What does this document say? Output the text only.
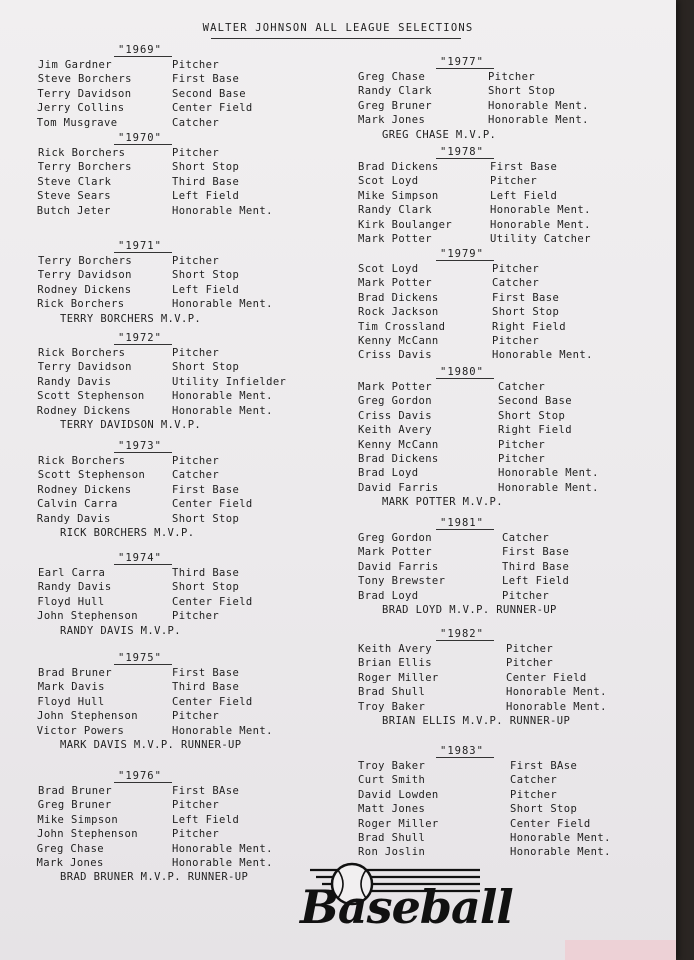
WALTER JOHNSON ALL LEAGUE SELECTIONS
"1969"
Jim Gardner	Pitcher
Steve Borchers	First Base
Terry Davidson	Second Base
Jerry Collins	Center Field
Tom Musgrave	Catcher
"1970"
Rick Borchers	Pitcher
Terry Borchers	Short Stop
Steve Clark	Third Base
Steve Sears	Left Field
Butch Jeter	Honorable Ment.
"1971"
Terry Borchers	Pitcher
Terry Davidson	Short Stop
Rodney Dickens	Left Field
Rick Borchers	Honorable Ment.
TERRY BORCHERS M.V.P.
"1972"
Rick Borchers	Pitcher
Terry Davidson	Short Stop
Randy Davis	Utility Infielder
Scott Stephenson	Honorable Ment.
Rodney Dickens	Honorable Ment.
TERRY DAVIDSON M.V.P.
"1973"
Rick Borchers	Pitcher
Scott Stephenson	Catcher
Rodney Dickens	First Base
Calvin Carra	Center Field
Randy Davis	Short Stop
RICK BORCHERS M.V.P.
"1974"
Earl Carra	Third Base
Randy Davis	Short Stop
Floyd Hull	Center Field
John Stephenson	Pitcher
RANDY DAVIS M.V.P.
"1975"
Brad Bruner	First Base
Mark Davis	Third Base
Floyd Hull	Center Field
John Stephenson	Pitcher
Victor Powers	Honorable Ment.
MARK DAVIS M.V.P. RUNNER-UP
"1976"
Brad Bruner	First BAse
Greg Bruner	Pitcher
Mike Simpson	Left Field
John Stephenson	Pitcher
Greg Chase	Honorable Ment.
Mark Jones	Honorable Ment.
BRAD BRUNER M.V.P. RUNNER-UP
"1977"
Greg Chase	Pitcher
Randy Clark	Short Stop
Greg Bruner	Honorable Ment.
Mark Jones	Honorable Ment.
GREG CHASE M.V.P.
"1978"
Brad Dickens	First Base
Scot Loyd	Pitcher
Mike Simpson	Left Field
Randy Clark	Honorable Ment.
Kirk Boulanger	Honorable Ment.
Mark Potter	Utility Catcher
"1979"
Scot Loyd	Pitcher
Mark Potter	Catcher
Brad Dickens	First Base
Rock Jackson	Short Stop
Tim Crossland	Right Field
Kenny McCann	Pitcher
Criss Davis	Honorable Ment.
"1980"
Mark Potter	Catcher
Greg Gordon	Second Base
Criss Davis	Short Stop
Keith Avery	Right Field
Kenny McCann	Pitcher
Brad Dickens	Pitcher
Brad Loyd	Honorable Ment.
David Farris	Honorable Ment.
MARK POTTER M.V.P.
"1981"
Greg Gordon	Catcher
Mark Potter	First Base
David Farris	Third Base
Tony Brewster	Left Field
Brad Loyd	Pitcher
BRAD LOYD M.V.P. RUNNER-UP
"1982"
Keith Avery	Pitcher
Brian Ellis	Pitcher
Roger Miller	Center Field
Brad Shull	Honorable Ment.
Troy Baker	Honorable Ment.
BRIAN ELLIS M.V.P. RUNNER-UP
"1983"
Troy Baker	First BAse
Curt Smith	Catcher
David Lowden	Pitcher
Matt Jones	Short Stop
Roger Miller	Center Field
Brad Shull	Honorable Ment.
Ron Joslin	Honorable Ment.
Baseball
